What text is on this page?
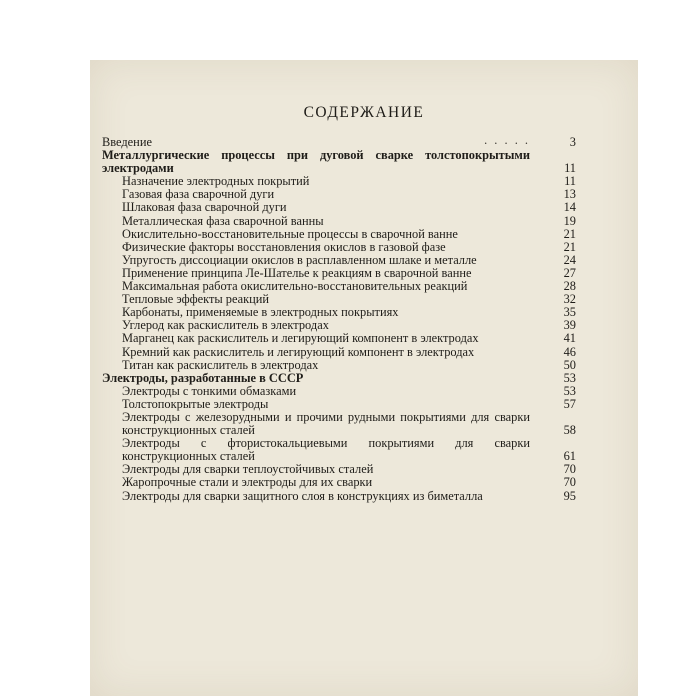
СОДЕРЖАНИЕ
Введение	. . . . .
Металлургические процессы при дуговой сварке толстопокрытыми электродами
Назначение электродных покрытий
Газовая фаза сварочной дуги
Шлаковая фаза сварочной дуги
Металлическая фаза сварочной ванны
Окислительно-восстановительные процессы в сварочной ванне
Физические факторы восстановления окислов в газовой фазе
Упругость диссоциации окислов в расплавленном шлаке и металле
Применение принципа Ле-Шателье к реакциям в сварочной ванне
Максимальная работа окислительно-восстановительных реакций
Тепловые эффекты реакций
Карбонаты, применяемые в электродных покрытиях
Углерод как раскислитель в электродах
Марганец как раскислитель и легирующий компонент в электродах
Кремний как раскислитель и легирующий компонент в электродах
Титан как раскислитель в электродах
Электроды, разработанные в СССР
Электроды с тонкими обмазками
Толстопокрытые электроды
Электроды с железорудными и прочими рудными покрытиями для сварки конструкционных сталей
Электроды с фтористокальциевыми покрытиями для сварки конструкционных сталей
Электроды для сварки теплоустойчивых сталей
Жаропрочные стали и электроды для их сварки
Электроды для сварки защитного слоя в конструкциях из биметалла
3
11
11
13
14
19
21
21
24
27
28
32
35
39
41
46
50
53
53
57
58
61
70
70
95
